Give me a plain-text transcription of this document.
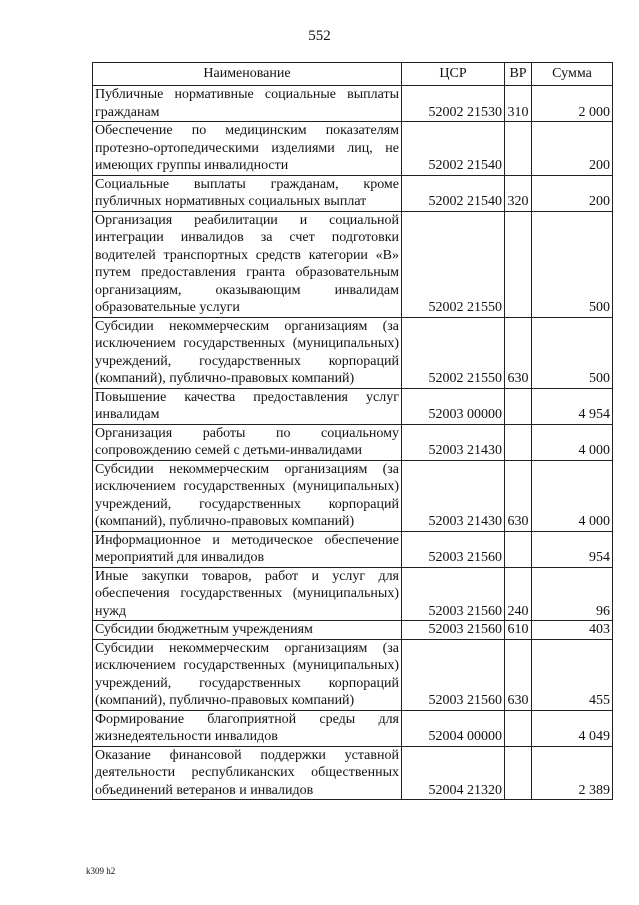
552
Наименование	ЦСР	ВР	Сумма
Публичные нормативные социальные выплаты гражданам	52002 21530	310	2 000
Обеспечение по медицинским показателям протезно-ортопедическими изделиями лиц, не имеющих группы инвалидности	52002 21540		200
Социальные выплаты гражданам, кроме публичных нормативных социальных выплат	52002 21540	320	200
Организация реабилитации и социальной интеграции инвалидов за счет подготовки водителей транспортных средств категории «В» путем предоставления гранта образовательным организациям, оказывающим инвалидам образовательные услуги	52002 21550		500
Субсидии некоммерческим организациям (за исключением государственных (муниципальных) учреждений, государственных корпораций (компаний), публично-правовых компаний)	52002 21550	630	500
Повышение качества предоставления услуг инвалидам	52003 00000		4 954
Организация работы по социальному сопровождению семей с детьми-инвалидами	52003 21430		4 000
Субсидии некоммерческим организациям (за исключением государственных (муниципальных) учреждений, государственных корпораций (компаний), публично-правовых компаний)	52003 21430	630	4 000
Информационное и методическое обеспечение мероприятий для инвалидов	52003 21560		954
Иные закупки товаров, работ и услуг для обеспечения государственных (муниципальных) нужд	52003 21560	240	96
Субсидии бюджетным учреждениям	52003 21560	610	403
Субсидии некоммерческим организациям (за исключением государственных (муниципальных) учреждений, государственных корпораций (компаний), публично-правовых компаний)	52003 21560	630	455
Формирование благоприятной среды для жизнедеятельности инвалидов	52004 00000		4 049
Оказание финансовой поддержки уставной деятельности республиканских общественных объединений ветеранов и инвалидов	52004 21320		2 389
k309 h2
